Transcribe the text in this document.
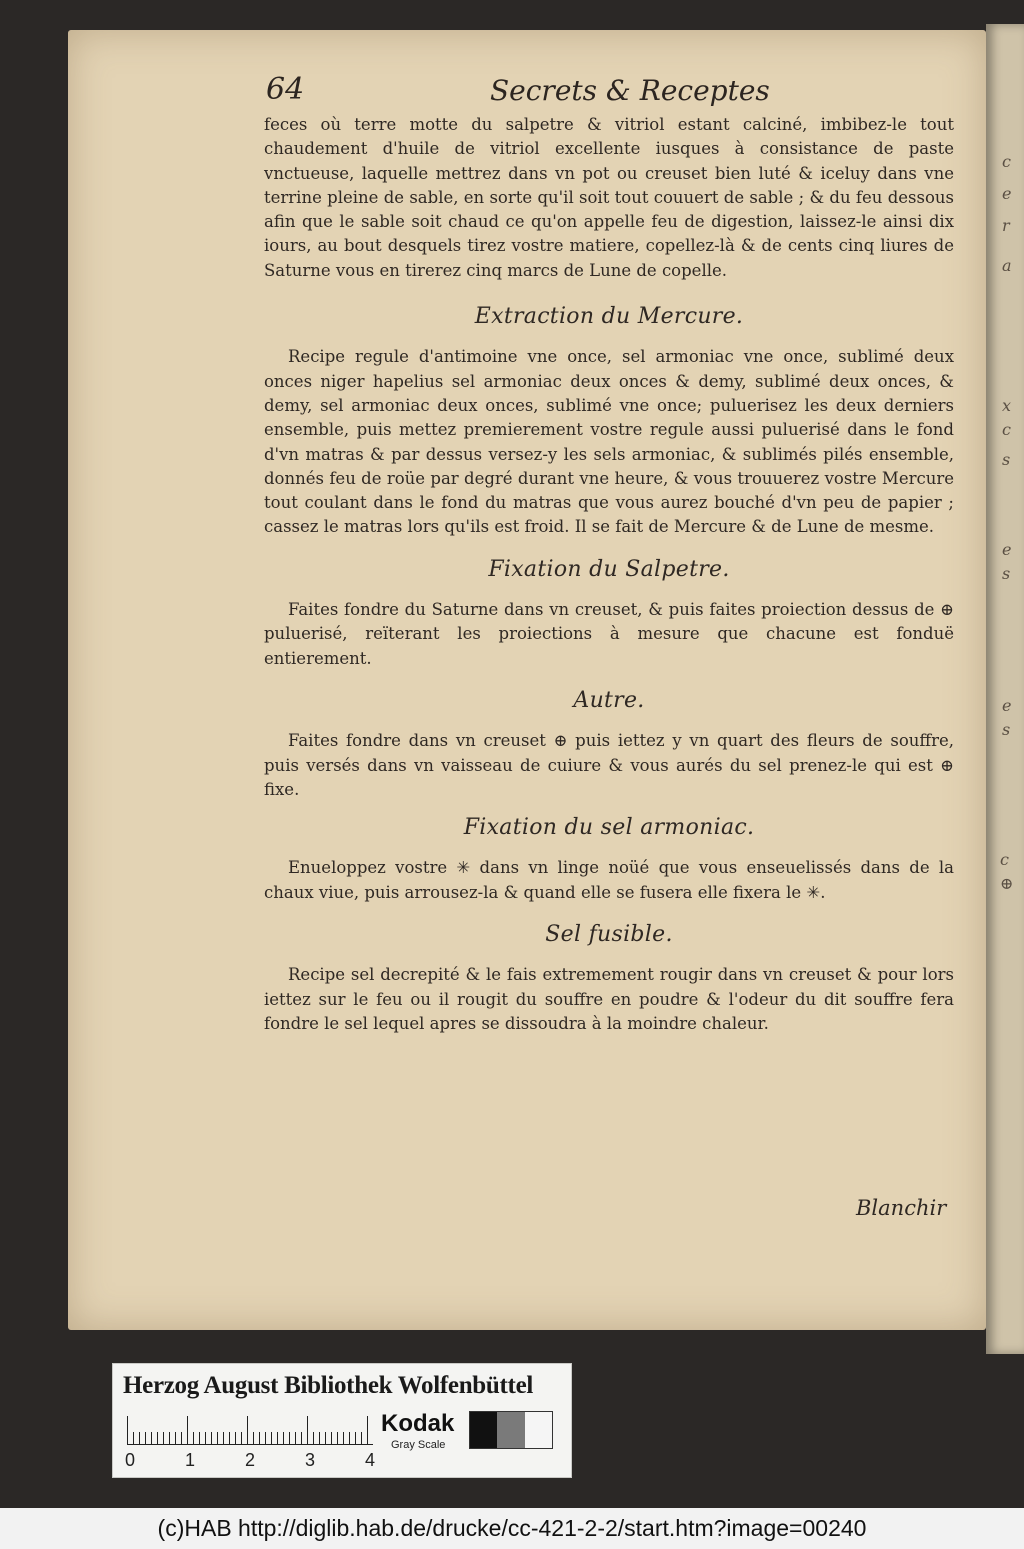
c
e
r
a
x
c
s
e
s
e
s
c
⊕
64	Secrets & Receptes

feces où terre motte du salpetre & vitriol estant calciné, imbibez-le tout chaudement d'huile de vitriol excellente iusques à consistance de paste vnctueuse, laquelle mettrez dans vn pot ou creuset bien luté & iceluy dans vne terrine pleine de sable, en sorte qu'il soit tout couuert de sable ; & du feu dessous afin que le sable soit chaud ce qu'on appelle feu de digestion, laissez-le ainsi dix iours, au bout desquels tirez vostre matiere, copellez-là & de cents cinq liures de Saturne vous en tirerez cinq marcs de Lune de copelle.

Extraction du Mercure.

Recipe regule d'antimoine vne once, sel armoniac vne once, sublimé deux onces niger hapelius sel armoniac deux onces & demy, sublimé deux onces, & demy, sel armoniac deux onces, sublimé vne once; puluerisez les deux derniers ensemble, puis mettez premierement vostre regule aussi puluerisé dans le fond d'vn matras & par dessus versez-y les sels armoniac, & sublimés pilés ensemble, donnés feu de roüe par degré durant vne heure, & vous trouuerez vostre Mercure tout coulant dans le fond du matras que vous aurez bouché d'vn peu de papier ; cassez le matras lors qu'ils est froid. Il se fait de Mercure & de Lune de mesme.

Fixation du Salpetre.

Faites fondre du Saturne dans vn creuset, & puis faites proiection dessus de ⊕ puluerisé, reïterant les proiections à mesure que chacune est fonduë entierement.

Autre.

Faites fondre dans vn creuset ⊕ puis iettez y vn quart des fleurs de souffre, puis versés dans vn vaisseau de cuiure & vous aurés du sel prenez-le qui est ⊕ fixe.

Fixation du sel armoniac.

Enueloppez vostre ✳ dans vn linge noüé que vous enseuelissés dans de la chaux viue, puis arrousez-la & quand elle se fusera elle fixera le ✳.

Sel fusible.

Recipe sel decrepité & le fais extremement rougir dans vn creuset & pour lors iettez sur le feu ou il rougit du souffre en poudre & l'odeur du dit souffre fera fondre le sel lequel apres se dissoudra à la moindre chaleur.

Blanchir
Herzog August Bibliothek Wolfenbüttel
0	1	2	3	4
Kodak
Gray Scale
(c)HAB http://diglib.hab.de/drucke/cc-421-2-2/start.htm?image=00240
